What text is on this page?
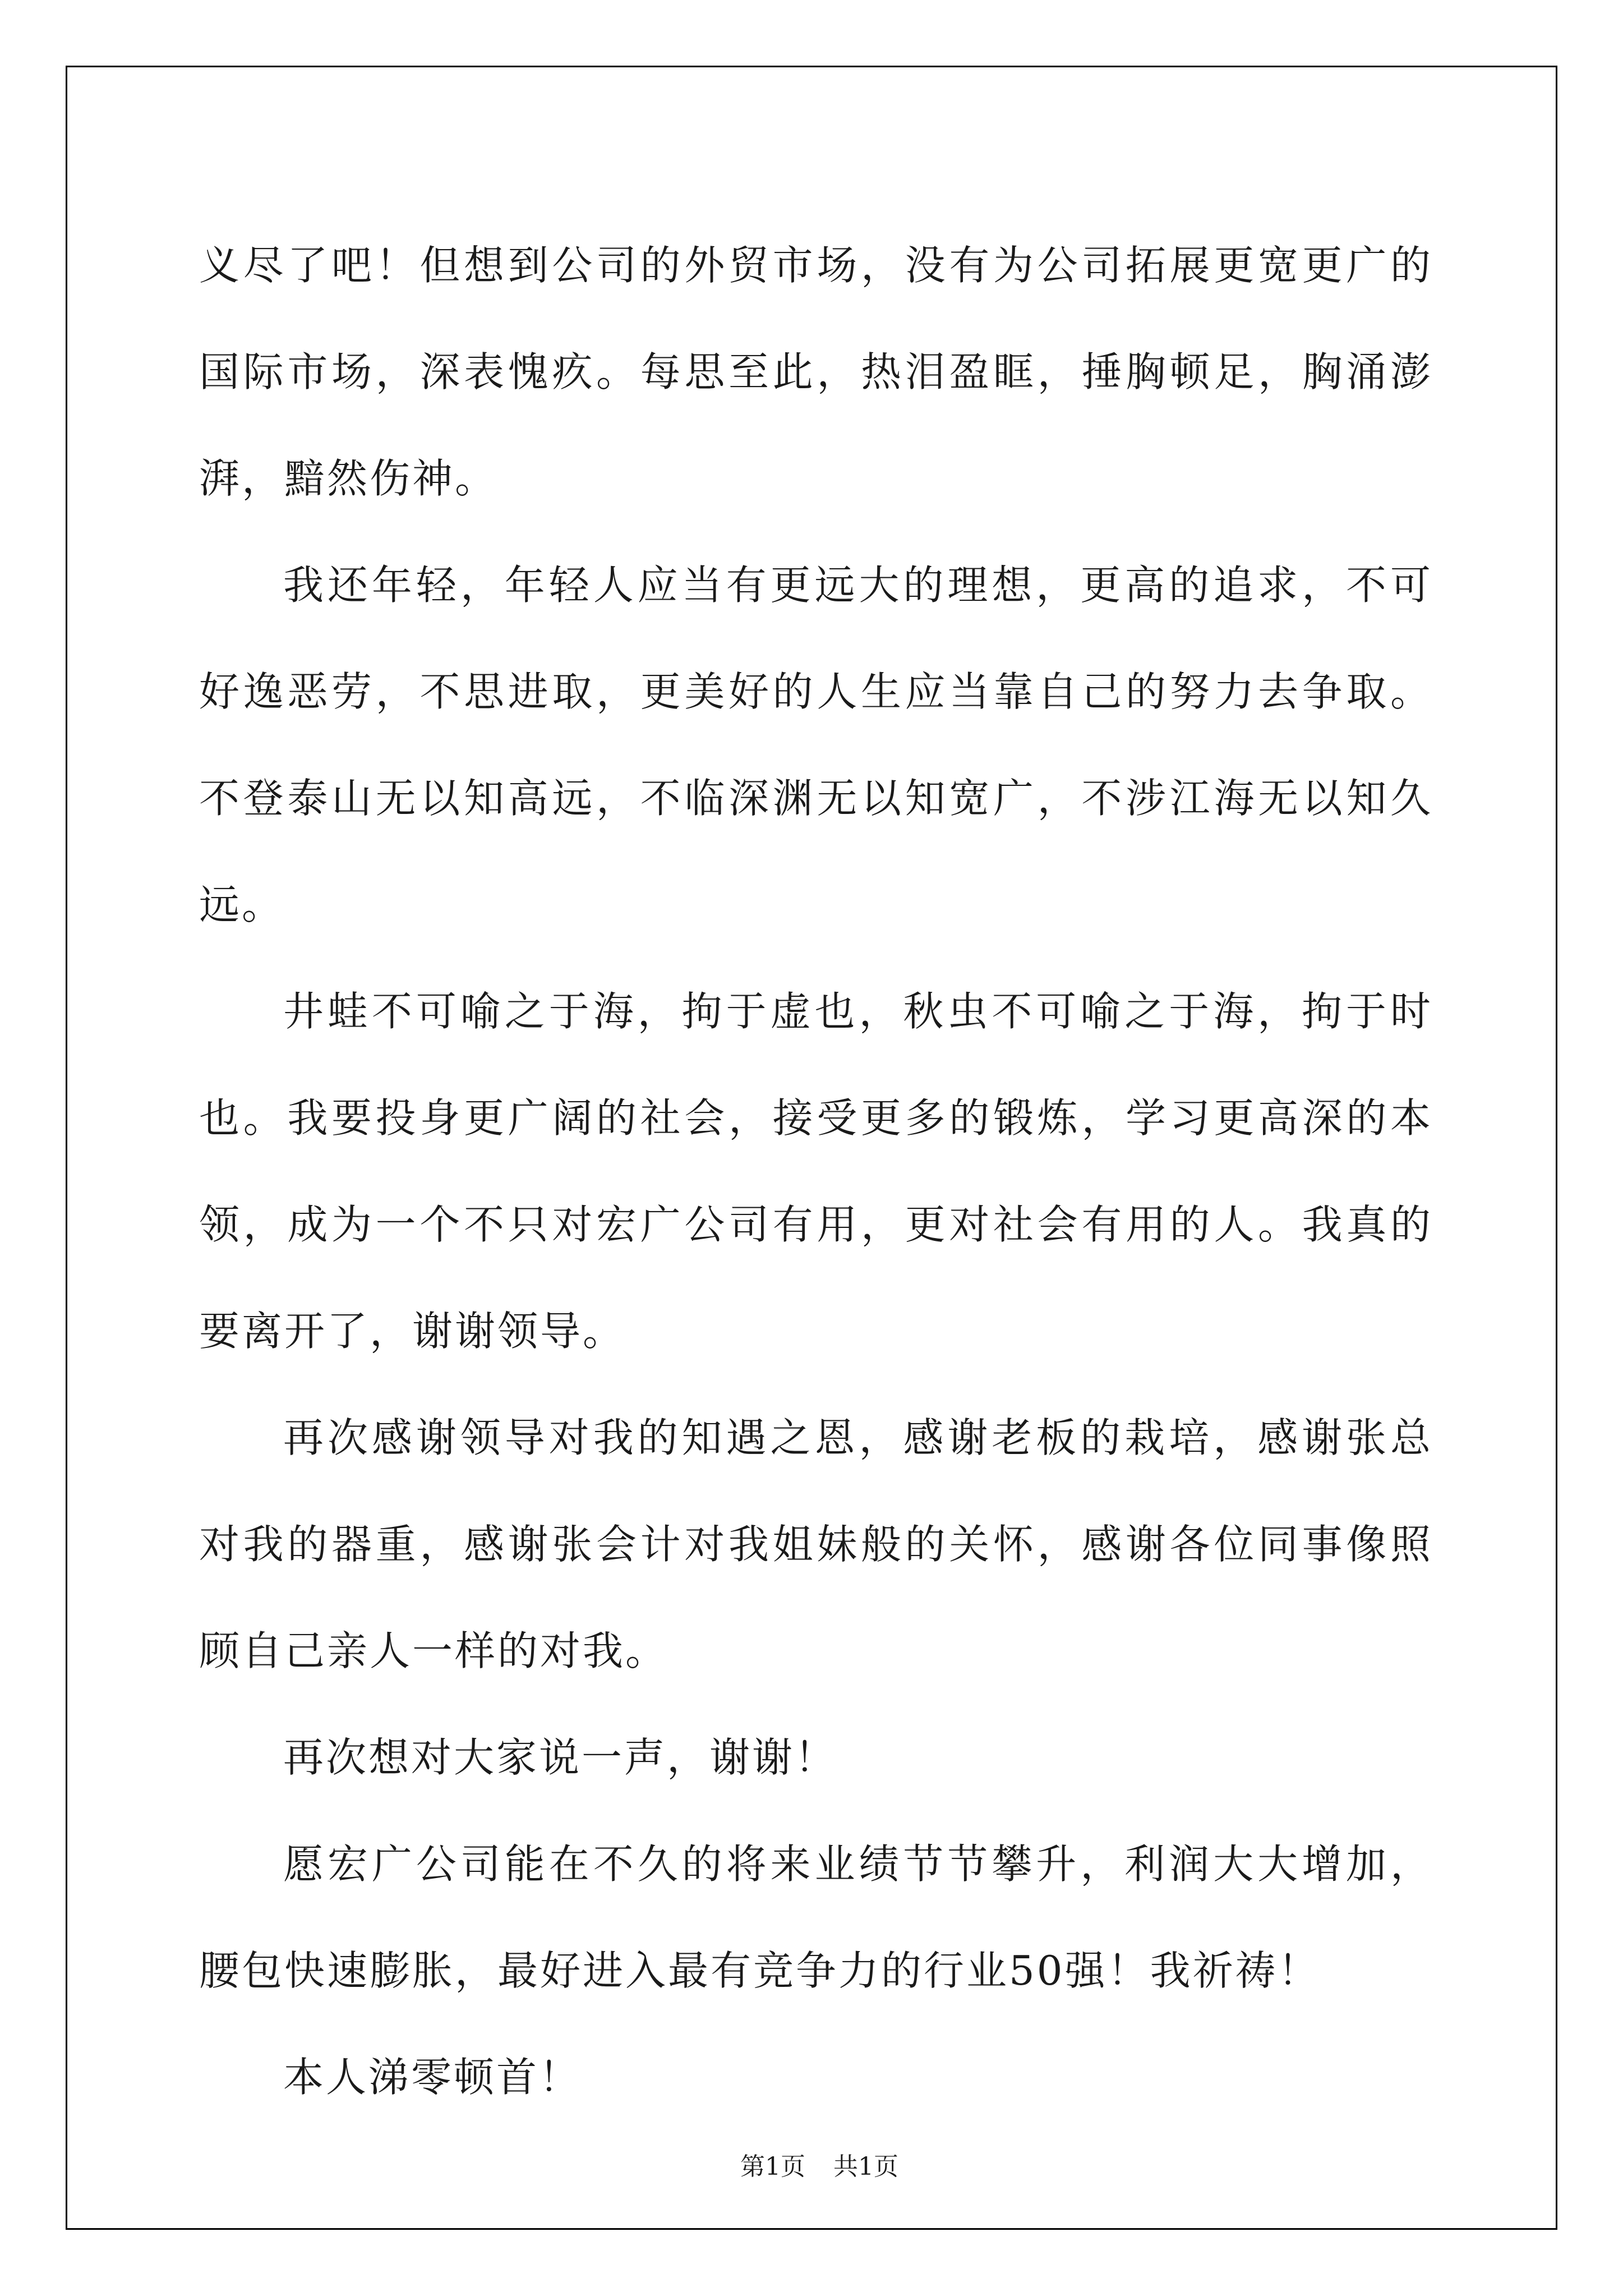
义尽了吧！但想到公司的外贸市场，没有为公司拓展更宽更广的国际市场，深表愧疚。每思至此，热泪盈眶，捶胸顿足，胸涌澎湃，黯然伤神。

我还年轻，年轻人应当有更远大的理想，更高的追求，不可好逸恶劳，不思进取，更美好的人生应当靠自己的努力去争取。不登泰山无以知高远，不临深渊无以知宽广，不涉江海无以知久远。

井蛙不可喻之于海，拘于虚也，秋虫不可喻之于海，拘于时也。我要投身更广阔的社会，接受更多的锻炼，学习更高深的本领，成为一个不只对宏广公司有用，更对社会有用的人。我真的要离开了，谢谢领导。

再次感谢领导对我的知遇之恩，感谢老板的栽培，感谢张总对我的器重，感谢张会计对我姐妹般的关怀，感谢各位同事像照顾自己亲人一样的对我。

再次想对大家说一声，谢谢！

愿宏广公司能在不久的将来业绩节节攀升，利润大大增加，腰包快速膨胀，最好进入最有竞争力的行业50强！我祈祷！

本人涕零顿首！

第1页 共1页
